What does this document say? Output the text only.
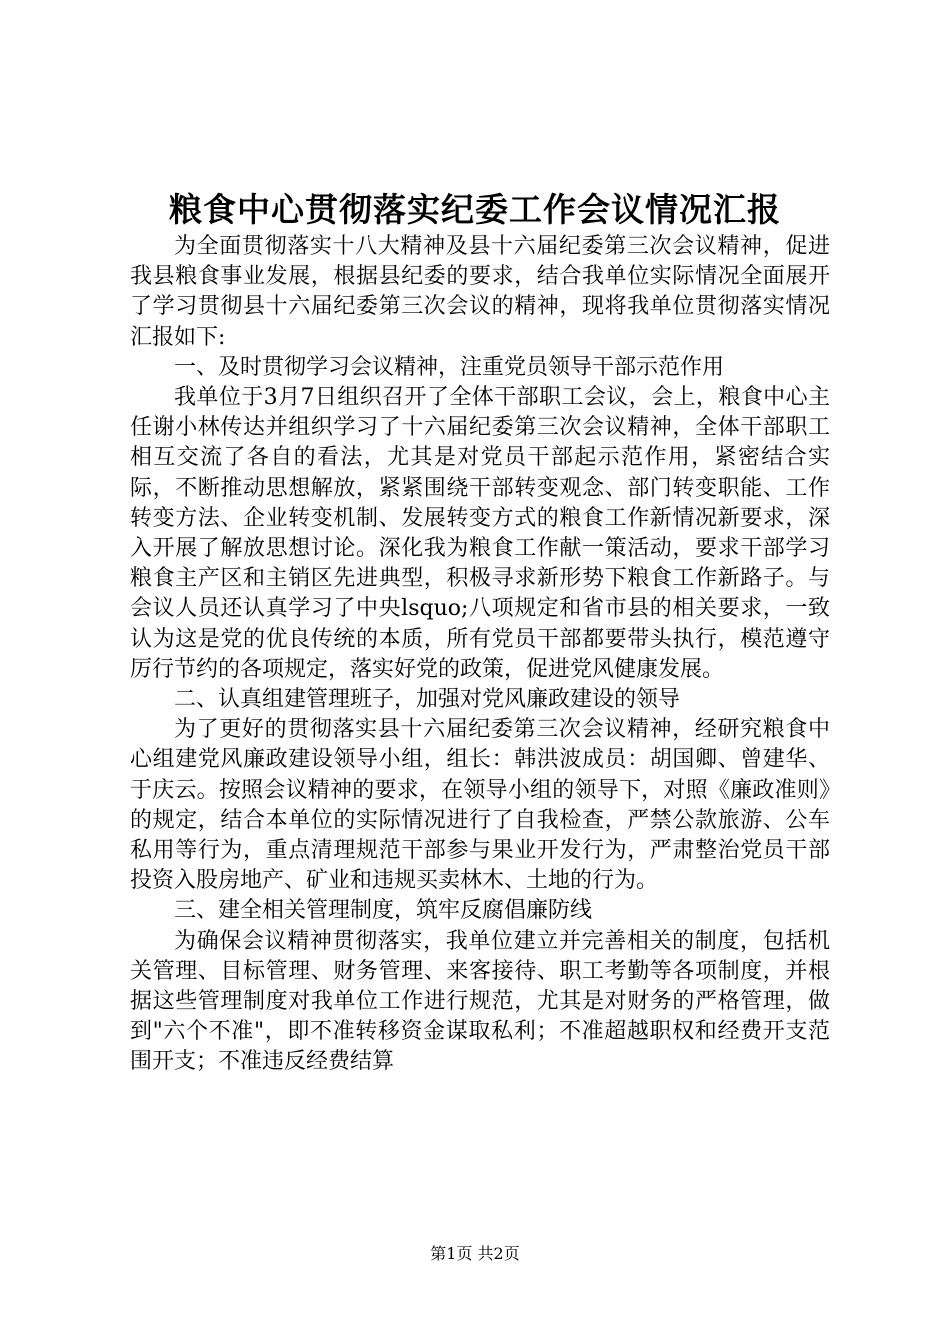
粮食中心贯彻落实纪委工作会议情况汇报

为全面贯彻落实十八大精神及县十六届纪委第三次会议精神，促进我县粮食事业发展，根据县纪委的要求，结合我单位实际情况全面展开了学习贯彻县十六届纪委第三次会议的精神，现将我单位贯彻落实情况汇报如下:

一、及时贯彻学习会议精神，注重党员领导干部示范作用

我单位于3月7日组织召开了全体干部职工会议，会上，粮食中心主任谢小林传达并组织学习了十六届纪委第三次会议精神，全体干部职工相互交流了各自的看法，尤其是对党员干部起示范作用，紧密结合实际，不断推动思想解放，紧紧围绕干部转变观念、部门转变职能、工作转变方法、企业转变机制、发展转变方式的粮食工作新情况新要求，深入开展了解放思想讨论。深化我为粮食工作献一策活动，要求干部学习粮食主产区和主销区先进典型，积极寻求新形势下粮食工作新路子。与会议人员还认真学习了中央lsquo;八项规定和省市县的相关要求，一致认为这是党的优良传统的本质，所有党员干部都要带头执行，模范遵守厉行节约的各项规定，落实好党的政策，促进党风健康发展。

二、认真组建管理班子，加强对党风廉政建设的领导

为了更好的贯彻落实县十六届纪委第三次会议精神，经研究粮食中心组建党风廉政建设领导小组，组长：韩洪波成员：胡国卿、曾建华、于庆云。按照会议精神的要求，在领导小组的领导下，对照《廉政准则》的规定，结合本单位的实际情况进行了自我检查，严禁公款旅游、公车私用等行为，重点清理规范干部参与果业开发行为，严肃整治党员干部投资入股房地产、矿业和违规买卖林木、土地的行为。

三、建全相关管理制度，筑牢反腐倡廉防线

为确保会议精神贯彻落实，我单位建立并完善相关的制度，包括机关管理、目标管理、财务管理、来客接待、职工考勤等各项制度，并根据这些管理制度对我单位工作进行规范，尤其是对财务的严格管理，做到"六个不准"，即不准转移资金谋取私利；不准超越职权和经费开支范围开支；不准违反经费结算

第1页 共2页
